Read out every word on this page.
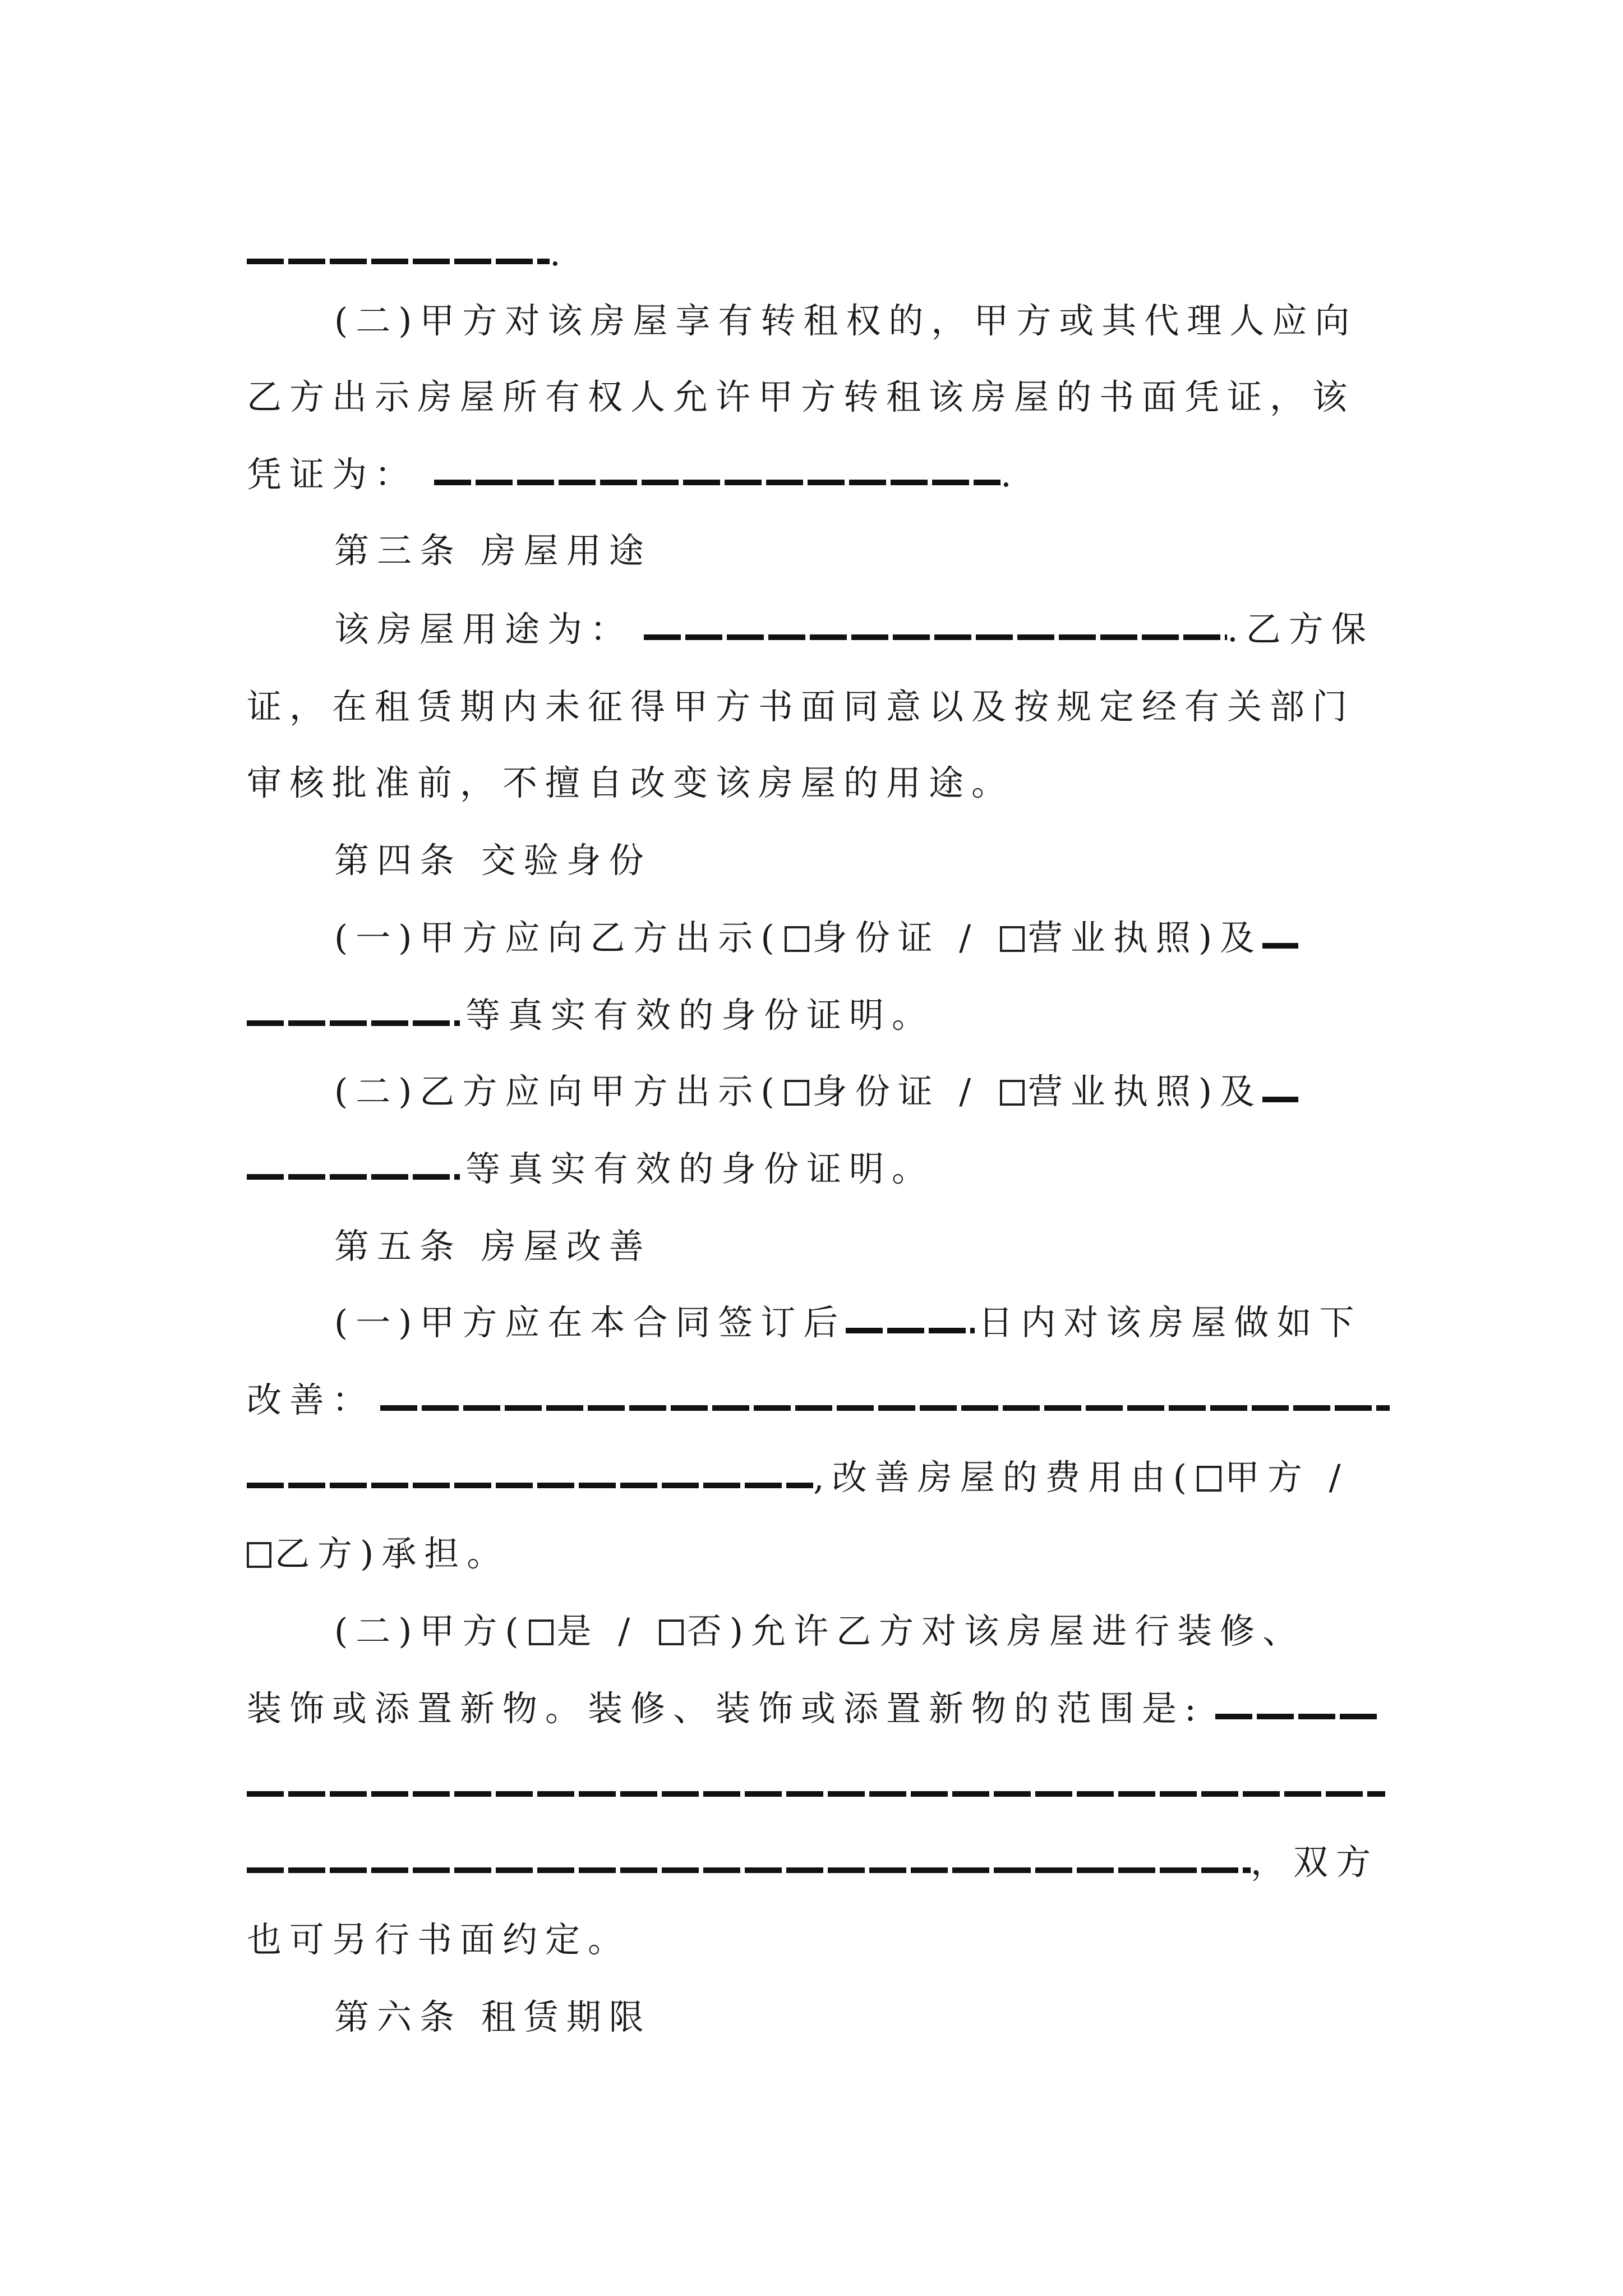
.
(二)甲方对该房屋享有转租权的，甲方或其代理人应向
乙方出示房屋所有权人允许甲方转租该房屋的书面凭证，该
凭证为：	.
第三条 房屋用途
该房屋用途为：	.乙方保
证，在租赁期内未征得甲方书面同意以及按规定经有关部门
审核批准前，不擅自改变该房屋的用途。
第四条 交验身份
(一)甲方应向乙方出示( 身份证 / 营业执照)及
等真实有效的身份证明。
(二)乙方应向甲方出示( 身份证 / 营业执照)及
等真实有效的身份证明。
第五条 房屋改善
(一)甲方应在本合同签订后	日内对该房屋做如下
改善：
,改善房屋的费用由( 甲方 /
乙方)承担。
(二)甲方( 是 / 否)允许乙方对该房屋进行装修、
装饰或添置新物。装修、装饰或添置新物的范围是:
，双方
也可另行书面约定。
第六条 租赁期限
